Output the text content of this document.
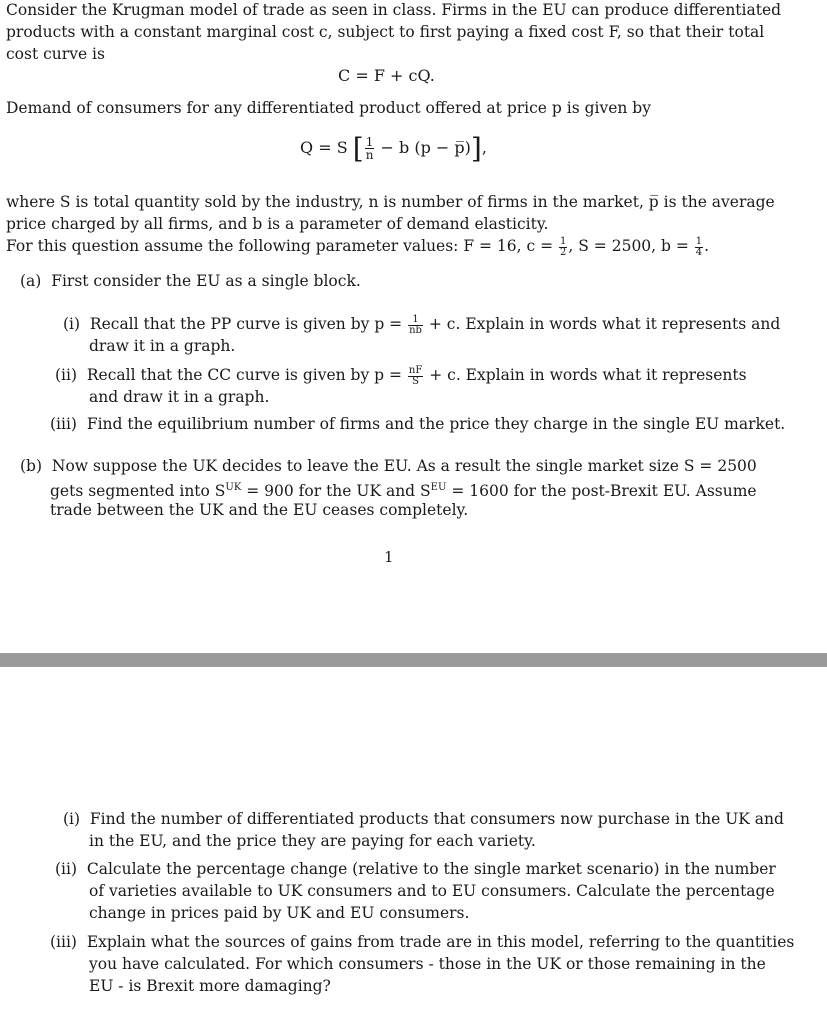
Consider the Krugman model of trade as seen in class. Firms in the EU can produce differentiated

products with a constant marginal cost c, subject to first paying a fixed cost F, so that their total

cost curve is

C = F + cQ.

Demand of consumers for any differentiated product offered at price p is given by

Q = S [ $\frac{1}{n} - b$ (p − p̅)],

where S is total quantity sold by the industry, n is number of firms in the market, p̅ is the average

price charged by all firms, and b is a parameter of demand elasticity.

For this question assume the following parameter values: F = 16, $c = \frac{1}{2}$ , S = 2500, $b = \frac{1}{4}$ .

(a) First consider the EU as a single block.

(i) Recall that the PP curve is given by $p = \frac{1}{nb} + c$. Explain in words what it represents and

draw it in a graph.

(ii) Recall that the CC curve is given by $p = \frac{nF}{S} + c$. Explain in words what it represents

and draw it in a graph.

(iii) Find the equilibrium number of firms and the price they charge in the single EU market.

(b) Now suppose the UK decides to leave the EU. As a result the single market size S = 2500

gets segmented into $S^{UK} = 900$ for the UK and $S^{EU} = 1600$ for the post-Brexit EU. Assume

trade between the UK and the EU ceases completely.

1

(i) Find the number of differentiated products that consumers now purchase in the UK and

in the EU, and the price they are paying for each variety.

(ii) Calculate the percentage change (relative to the single market scenario) in the number

of varieties available to UK consumers and to EU consumers. Calculate the percentage

change in prices paid by UK and EU consumers.

(iii) Explain what the sources of gains from trade are in this model, referring to the quantities

you have calculated. For which consumers - those in the UK or those remaining in the

EU - is Brexit more damaging?
